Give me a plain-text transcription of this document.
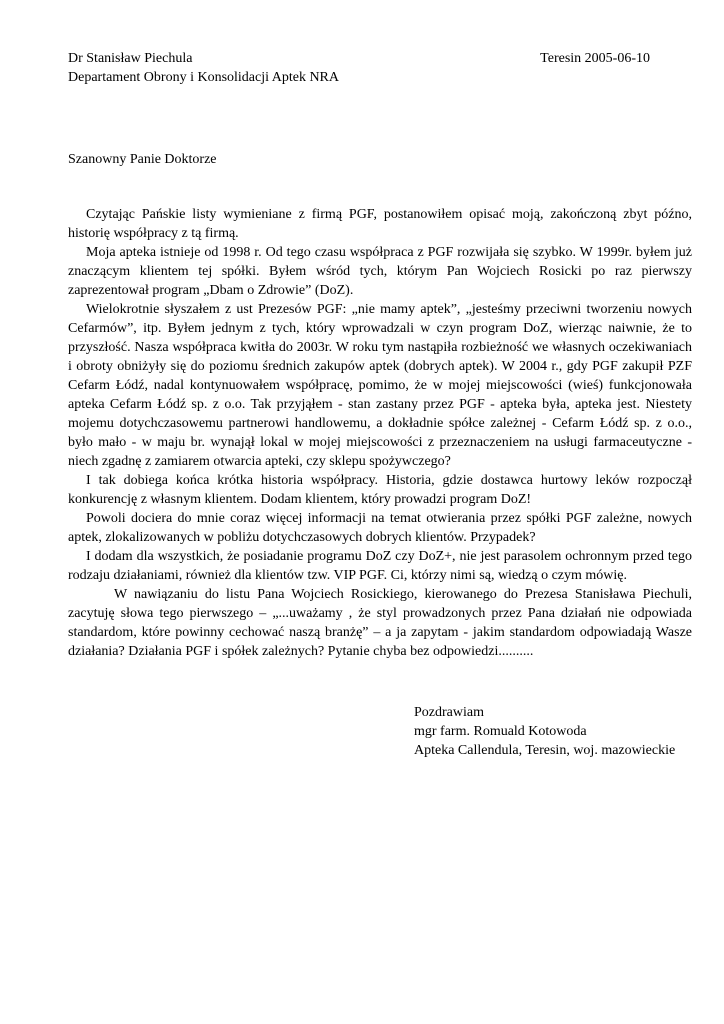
Dr Stanisław Piechula
Departament Obrony i Konsolidacji Aptek NRA
Teresin 2005-06-10
Szanowny Panie Doktorze

Czytając Pańskie listy wymieniane z firmą PGF, postanowiłem opisać moją, zakończoną zbyt późno, historię współpracy z tą firmą.

Moja apteka istnieje od 1998 r. Od tego czasu współpraca z PGF rozwijała się szybko. W 1999r. byłem już znaczącym klientem tej spółki. Byłem wśród tych, którym Pan Wojciech Rosicki po raz pierwszy zaprezentował program „Dbam o Zdrowie” (DoZ).

Wielokrotnie słyszałem z ust Prezesów PGF: „nie mamy aptek”, „jesteśmy przeciwni tworzeniu nowych Cefarmów”, itp. Byłem jednym z tych, który wprowadzali w czyn program DoZ, wierząc naiwnie, że to przyszłość. Nasza współpraca kwitła do 2003r. W roku tym nastąpiła rozbieżność we własnych oczekiwaniach i obroty obniżyły się do poziomu średnich zakupów aptek (dobrych aptek). W 2004 r., gdy PGF zakupił PZF Cefarm Łódź, nadal kontynuowałem współpracę, pomimo, że w mojej miejscowości (wieś) funkcjonowała apteka Cefarm Łódź sp. z o.o. Tak przyjąłem - stan zastany przez PGF - apteka była, apteka jest. Niestety mojemu dotychczasowemu partnerowi handlowemu, a dokładnie spółce zależnej - Cefarm Łódź sp. z o.o., było mało - w maju br. wynajął lokal w mojej miejscowości z przeznaczeniem na usługi farmaceutyczne - niech zgadnę z zamiarem otwarcia apteki, czy sklepu spożywczego?

I tak dobiega końca krótka historia współpracy. Historia, gdzie dostawca hurtowy leków rozpoczął konkurencję z własnym klientem. Dodam klientem, który prowadzi program DoZ!

Powoli dociera do mnie coraz więcej informacji na temat otwierania przez spółki PGF zależne, nowych aptek, zlokalizowanych w pobliżu dotychczasowych dobrych klientów. Przypadek?

I dodam dla wszystkich, że posiadanie programu DoZ czy DoZ+, nie jest parasolem ochronnym przed tego rodzaju działaniami, również dla klientów tzw. VIP PGF. Ci, którzy nimi są, wiedzą o czym mówię.

W nawiązaniu do listu Pana Wojciech Rosickiego, kierowanego do Prezesa Stanisława Piechuli, zacytuję słowa tego pierwszego – „...uważamy , że styl prowadzonych przez Pana działań nie odpowiada standardom, które powinny cechować naszą branżę” – a ja zapytam - jakim standardom odpowiadają Wasze działania? Działania PGF i spółek zależnych? Pytanie chyba bez odpowiedzi..........

Pozdrawiam
mgr farm. Romuald Kotowoda
Apteka Callendula, Teresin, woj. mazowieckie
